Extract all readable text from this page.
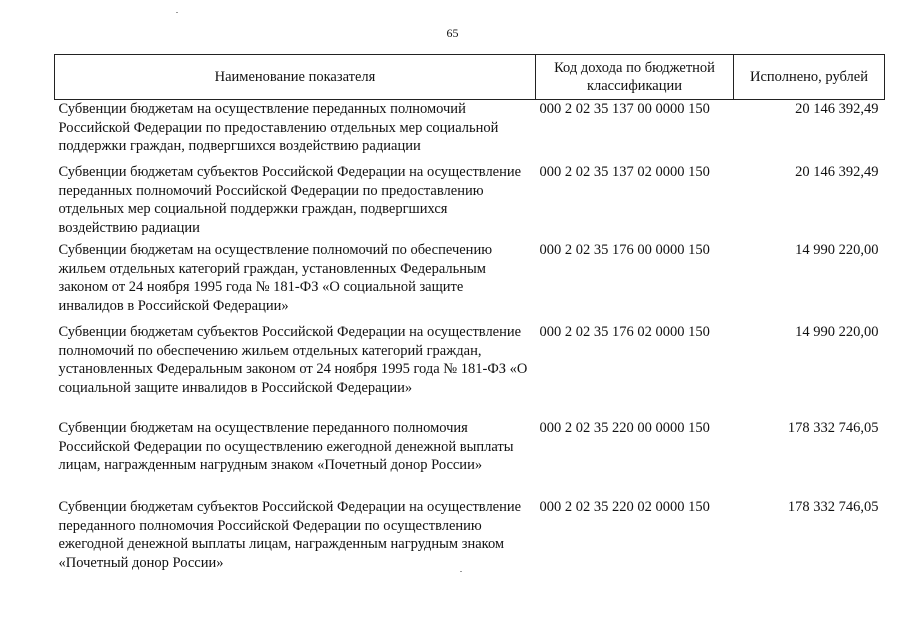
65
Наименование показателя	Код дохода по бюджетной классификации	Исполнено, рублей
Субвенции бюджетам на осуществление переданных полномочий Российской Федерации по предоставлению отдельных мер социальной поддержки граждан, подвергшихся воздействию радиации	000 2 02 35 137 00 0000 150	20 146 392,49
Субвенции бюджетам субъектов Российской Федерации на осуществление переданных полномочий Российской Федерации по предоставлению отдельных мер социальной поддержки граждан, подвергшихся воздействию радиации	000 2 02 35 137 02 0000 150	20 146 392,49
Субвенции бюджетам на осуществление полномочий по обеспечению жильем отдельных категорий граждан, установленных Федеральным законом от 24 ноября 1995 года № 181-ФЗ «О социальной защите инвалидов в Российской Федерации»	000 2 02 35 176 00 0000 150	14 990 220,00
Субвенции бюджетам субъектов Российской Федерации на осуществление полномочий по обеспечению жильем отдельных категорий граждан, установленных Федеральным законом от 24 ноября 1995 года № 181-ФЗ «О социальной защите инвалидов в Российской Федерации»	000 2 02 35 176 02 0000 150	14 990 220,00
Субвенции бюджетам на осуществление переданного полномочия Российской Федерации по осуществлению ежегодной денежной выплаты лицам, награжденным нагрудным знаком «Почетный донор России»	000 2 02 35 220 00 0000 150	178 332 746,05
Субвенции бюджетам субъектов Российской Федерации на осуществление переданного полномочия Российской Федерации по осуществлению ежегодной денежной выплаты лицам, награжденным нагрудным знаком «Почетный донор России»	000 2 02 35 220 02 0000 150	178 332 746,05
